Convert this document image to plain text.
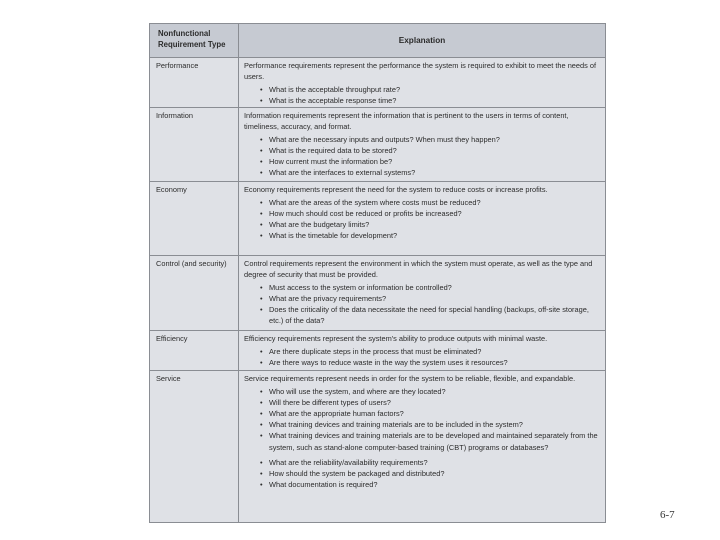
Nonfunctional Requirement Type	Explanation
Performance	Performance requirements represent the performance the system is required to exhibit to meet the needs of users.
• What is the acceptable throughput rate?
• What is the acceptable response time?
Information	Information requirements represent the information that is pertinent to the users in terms of content, timeliness, accuracy, and format.
• What are the necessary inputs and outputs? When must they happen?
• What is the required data to be stored?
• How current must the information be?
• What are the interfaces to external systems?
Economy	Economy requirements represent the need for the system to reduce costs or increase profits.
• What are the areas of the system where costs must be reduced?
• How much should cost be reduced or profits be increased?
• What are the budgetary limits?
• What is the timetable for development?
Control (and security)	Control requirements represent the environment in which the system must operate, as well as the type and degree of security that must be provided.
• Must access to the system or information be controlled?
• What are the privacy requirements?
• Does the criticality of the data necessitate the need for special handling (backups, off-site storage, etc.) of the data?
Efficiency	Efficiency requirements represent the system's ability to produce outputs with minimal waste.
• Are there duplicate steps in the process that must be eliminated?
• Are there ways to reduce waste in the way the system uses it resources?
Service	Service requirements represent needs in order for the system to be reliable, flexible, and expandable.
• Who will use the system, and where are they located?
• Will there be different types of users?
• What are the appropriate human factors?
• What training devices and training materials are to be included in the system?
• What training devices and training materials are to be developed and maintained separately from the system, such as stand-alone computer-based training (CBT) programs or databases?
• What are the reliability/availability requirements?
• How should the system be packaged and distributed?
• What documentation is required?
6-7
